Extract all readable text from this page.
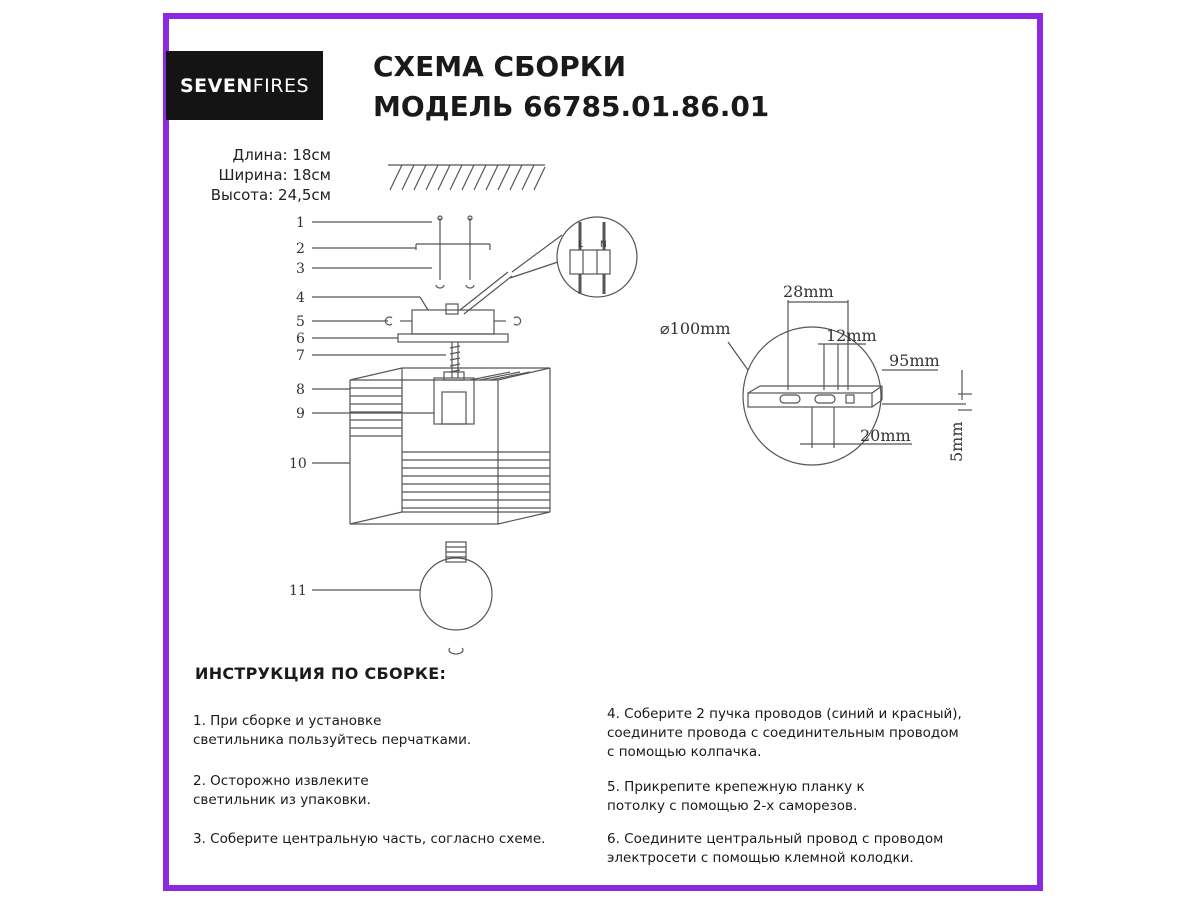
SEVEN FIRES
СХЕМА СБОРКИ
МОДЕЛЬ 66785.01.86.01
Длина: 18см
Ширина: 18см
Высота: 24,5см
1
2
3
4
5
6
7
8
9
10
11
L N
⌀100mm
28mm
12mm
95mm
20mm 5mm
ИНСТРУКЦИЯ ПО СБОРКЕ:
1. При сборке и установке
светильника пользуйтесь перчатками.
2. Осторожно извлеките
светильник из упаковки.
3. Соберите центральную часть, согласно схеме.
4. Соберите 2 пучка проводов (синий и красный),
соедините провода с соединительным проводом
с помощью колпачка.
5. Прикрепите крепежную планку к
потолку с помощью 2-х саморезов.
6. Соедините центральный провод с проводом
электросети с помощью клемной колодки.
